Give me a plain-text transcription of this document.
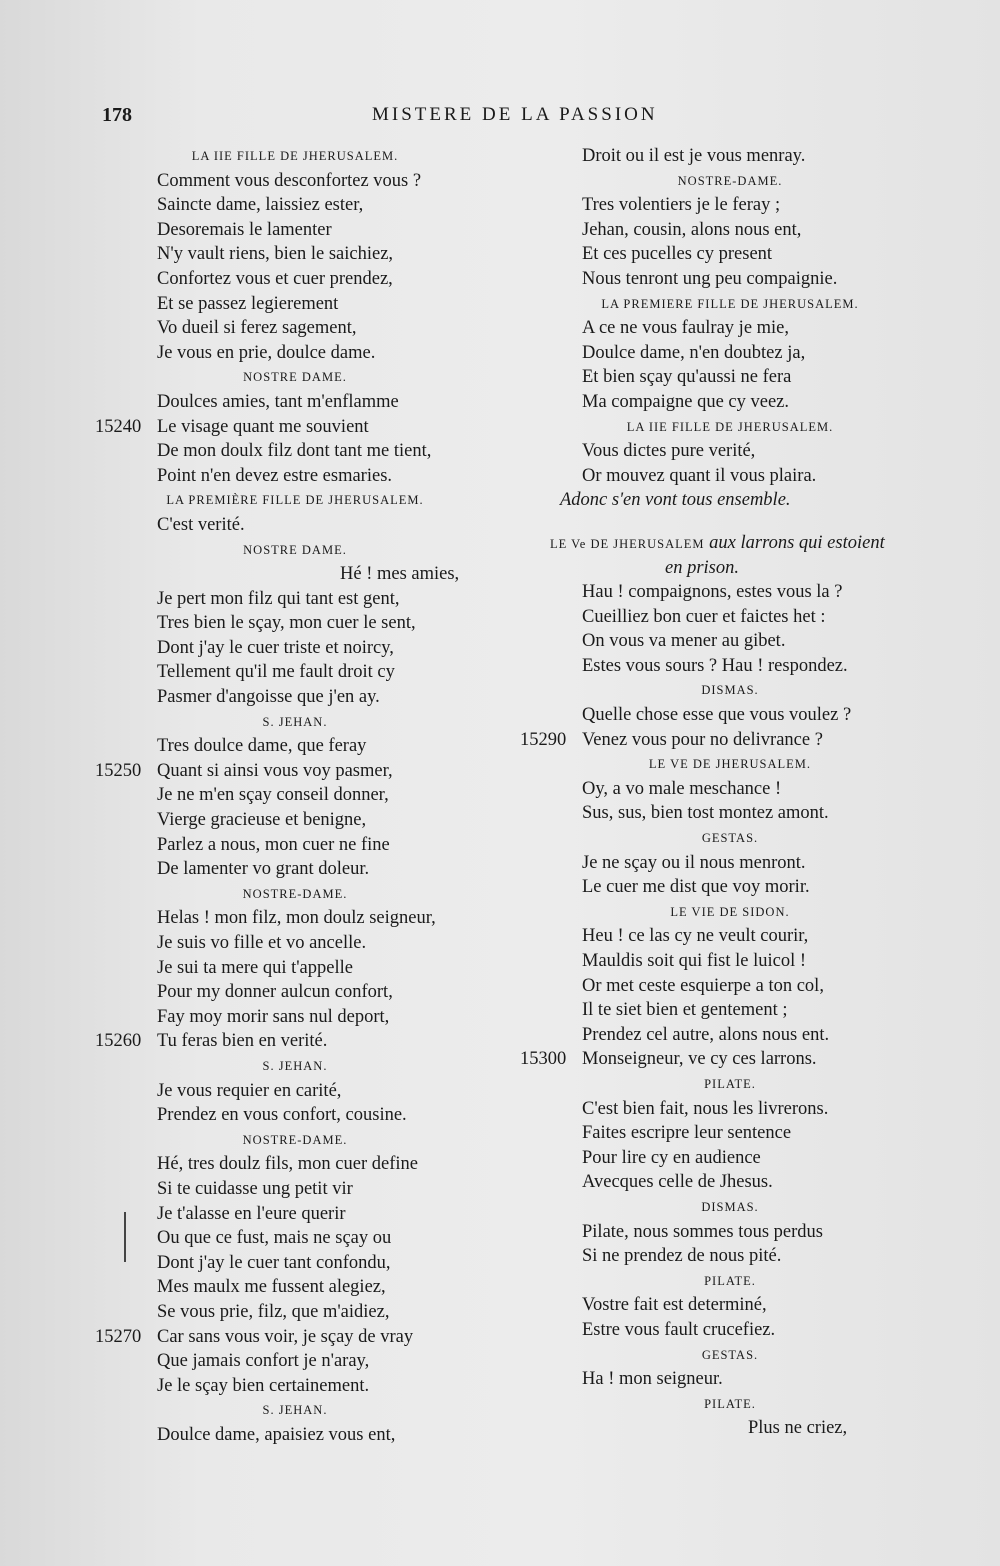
178	MISTERE DE LA PASSION
LA IIE FILLE DE JHERUSALEM.
Comment vous desconfortez vous ?
Saincte dame, laissiez ester,
Desoremais le lamenter
N'y vault riens, bien le saichiez,
Confortez vous et cuer prendez,
Et se passez legierement
Vo dueil si ferez sagement,
Je vous en prie, doulce dame.
NOSTRE DAME.
Doulces amies, tant m'enflamme
15240 Le visage quant me souvient
De mon doulx filz dont tant me tient,
Point n'en devez estre esmaries.
LA PREMIÈRE FILLE DE JHERUSALEM.
C'est verité.
NOSTRE DAME.
Hé ! mes amies,
Je pert mon filz qui tant est gent,
Tres bien le sçay, mon cuer le sent,
Dont j'ay le cuer triste et noircy,
Tellement qu'il me fault droit cy
Pasmer d'angoisse que j'en ay.
S. JEHAN.
Tres doulce dame, que feray
15250 Quant si ainsi vous voy pasmer,
Je ne m'en sçay conseil donner,
Vierge gracieuse et benigne,
Parlez a nous, mon cuer ne fine
De lamenter vo grant doleur.
NOSTRE-DAME.
Helas ! mon filz, mon doulz seigneur,
Je suis vo fille et vo ancelle.
Je sui ta mere qui t'appelle
Pour my donner aulcun confort,
Fay moy morir sans nul deport,
15260 Tu feras bien en verité.
S. JEHAN.
Je vous requier en carité,
Prendez en vous confort, cousine.
NOSTRE-DAME.
Hé, tres doulz fils, mon cuer define
Si te cuidasse ung petit vir
Je t'alasse en l'eure querir
Ou que ce fust, mais ne sçay ou
Dont j'ay le cuer tant confondu,
Mes maulx me fussent alegiez,
Se vous prie, filz, que m'aidiez,
15270 Car sans vous voir, je sçay de vray
Que jamais confort je n'aray,
Je le sçay bien certainement.
S. JEHAN.
Doulce dame, apaisiez vous ent,
Droit ou il est je vous menray.
NOSTRE-DAME.
Tres volentiers je le feray ;
Jehan, cousin, alons nous ent,
Et ces pucelles cy present
Nous tenront ung peu compaignie.
LA PREMIERE FILLE DE JHERUSALEM.
A ce ne vous faulray je mie,
Doulce dame, n'en doubtez ja,
Et bien sçay qu'aussi ne fera
Ma compaigne que cy veez.
LA IIE FILLE DE JHERUSALEM.
Vous dictes pure verité,
Or mouvez quant il vous plaira.
Adonc s'en vont tous ensemble.
LE Ve DE JHERUSALEM aux larrons qui estoient
en prison.
Hau ! compaignons, estes vous la ?
Cueilliez bon cuer et faictes het :
On vous va mener au gibet.
Estes vous sours ? Hau ! respondez.
DISMAS.
Quelle chose esse que vous voulez ?
15290 Venez vous pour no delivrance ?
LE VE DE JHERUSALEM.
Oy, a vo male meschance !
Sus, sus, bien tost montez amont.
GESTAS.
Je ne sçay ou il nous menront.
Le cuer me dist que voy morir.
LE VIE DE SIDON.
Heu ! ce las cy ne veult courir,
Mauldis soit qui fist le luicol !
Or met ceste esquierpe a ton col,
Il te siet bien et gentement ;
Prendez cel autre, alons nous ent.
15300 Monseigneur, ve cy ces larrons.
PILATE.
C'est bien fait, nous les livrerons.
Faites escripre leur sentence
Pour lire cy en audience
Avecques celle de Jhesus.
DISMAS.
Pilate, nous sommes tous perdus
Si ne prendez de nous pité.
PILATE.
Vostre fait est determiné,
Estre vous fault crucefiez.
GESTAS.
Ha ! mon seigneur.
PILATE.
Plus ne criez,
